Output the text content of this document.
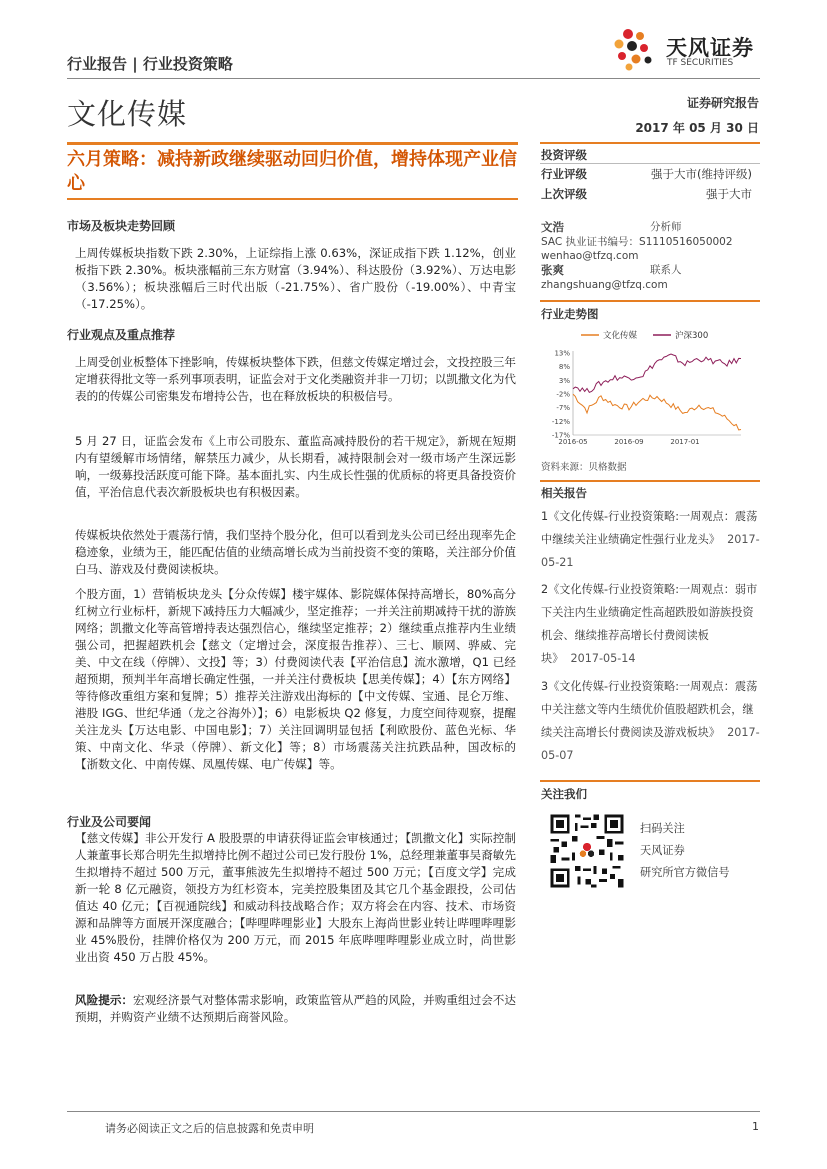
行业报告 | 行业投资策略
天风证券
TF SECURITIES
文化传媒	证券研究报告
2017 年 05 月 30 日
六月策略：减持新政继续驱动回归价值，增持体现产业信心
市场及板块走势回顾
上周传媒板块指数下跌 2.30%，上证综指上涨 0.63%，深证成指下跌 1.12%，创业板指下跌 2.30%。板块涨幅前三东方财富（3.94%）、科达股份（3.92%）、万达电影（3.56%）；板块涨幅后三时代出版（-21.75%）、省广股份（-19.00%）、中青宝（-17.25%）。
行业观点及重点推荐
上周受创业板整体下挫影响，传媒板块整体下跌，但慈文传媒定增过会，文投控股三年定增获得批文等一系列事项表明，证监会对于文化类融资并非一刀切；以凯撒文化为代表的的传媒公司密集发布增持公告，也在释放板块的积极信号。
5 月 27 日，证监会发布《上市公司股东、董监高减持股份的若干规定》，新规在短期内有望缓解市场情绪，解禁压力减少，从长期看，减持限制会对一级市场产生深远影响，一级募投活跃度可能下降。基本面扎实、内生成长性强的优质标的将更具备投资价值，平治信息代表次新股板块也有积极因素。
传媒板块依然处于震荡行情，我们坚持个股分化，但可以看到龙头公司已经出现率先企稳迹象，业绩为王，能匹配估值的业绩高增长成为当前投资不变的策略，关注部分价值白马、游戏及付费阅读板块。
个股方面，1）营销板块龙头【分众传媒】楼宇媒体、影院媒体保持高增长，80%高分红树立行业标杆，新规下减持压力大幅减少，坚定推荐；一并关注前期减持干扰的游族网络；凯撒文化等高管增持表达强烈信心，继续坚定推荐；2）继续重点推荐内生业绩强公司，把握超跌机会【慈文（定增过会，深度报告推荐）、三七、顺网、骅威、完美、中文在线（停牌）、文投】等；3）付费阅读代表【平治信息】流水激增，Q1 已经超预期，预判半年高增长确定性强，一并关注付费板块【思美传媒】；4）【东方网络】等待修改重组方案和复牌；5）推荐关注游戏出海标的【中文传媒、宝通、昆仑万维、港股 IGG、世纪华通（龙之谷海外）】；6）电影板块 Q2 修复，力度空间待观察，提醒关注龙头【万达电影、中国电影】；7）关注回调明显包括【利欧股份、蓝色光标、华策、中南文化、华录（停牌）、新文化】等；8）市场震荡关注抗跌品种，国改标的【浙数文化、中南传媒、凤凰传媒、电广传媒】等。
行业及公司要闻
【慈文传媒】非公开发行 A 股股票的申请获得证监会审核通过；【凯撒文化】实际控制人兼董事长郑合明先生拟增持比例不超过公司已发行股份 1%，总经理兼董事吴裔敏先生拟增持不超过 500 万元，董事熊波先生拟增持不超过 500 万元；【百度文学】完成新一轮 8 亿元融资，领投方为红杉资本，完美控股集团及其它几个基金跟投，公司估值达 40 亿元；【百视通院线】和威动科技战略合作；双方将会在内容、技术、市场资源和品牌等方面展开深度融合；【哔哩哔哩影业】大股东上海尚世影业转让哔哩哔哩影业 45%股份，挂牌价格仅为 200 万元，而 2015 年底哔哩哔哩影业成立时，尚世影业出资 450 万占股 45%。
风险提示：宏观经济景气对整体需求影响，政策监管从严趋的风险，并购重组过会不达预期，并购资产业绩不达预期后商誉风险。
投资评级
行业评级	强于大市(维持评级)
上次评级	强于大市
文浩	分析师
SAC 执业证书编号：S1110516050002
wenhao@tfzq.com
张爽	联系人
zhangshuang@tfzq.com
行业走势图
文化传媒	沪深300
13%
8%
3%
-2%
-7%
-12%
-17%
2016-05	2016-09	2017-01
资料来源：贝格数据
相关报告
1《文化传媒-行业投资策略:一周观点：震荡中继续关注业绩确定性强行业龙头》 2017-05-21
2《文化传媒-行业投资策略:一周观点：弱市下关注内生业绩确定性高超跌股如游族投资机会、继续推荐高增长付费阅读板块》 2017-05-14
3《文化传媒-行业投资策略:一周观点：震荡中关注慈文等内生绩优价值股超跌机会，继续关注高增长付费阅读及游戏板块》 2017-05-07
关注我们
扫码关注
天风证券
研究所官方微信号
请务必阅读正文之后的信息披露和免责申明	1
